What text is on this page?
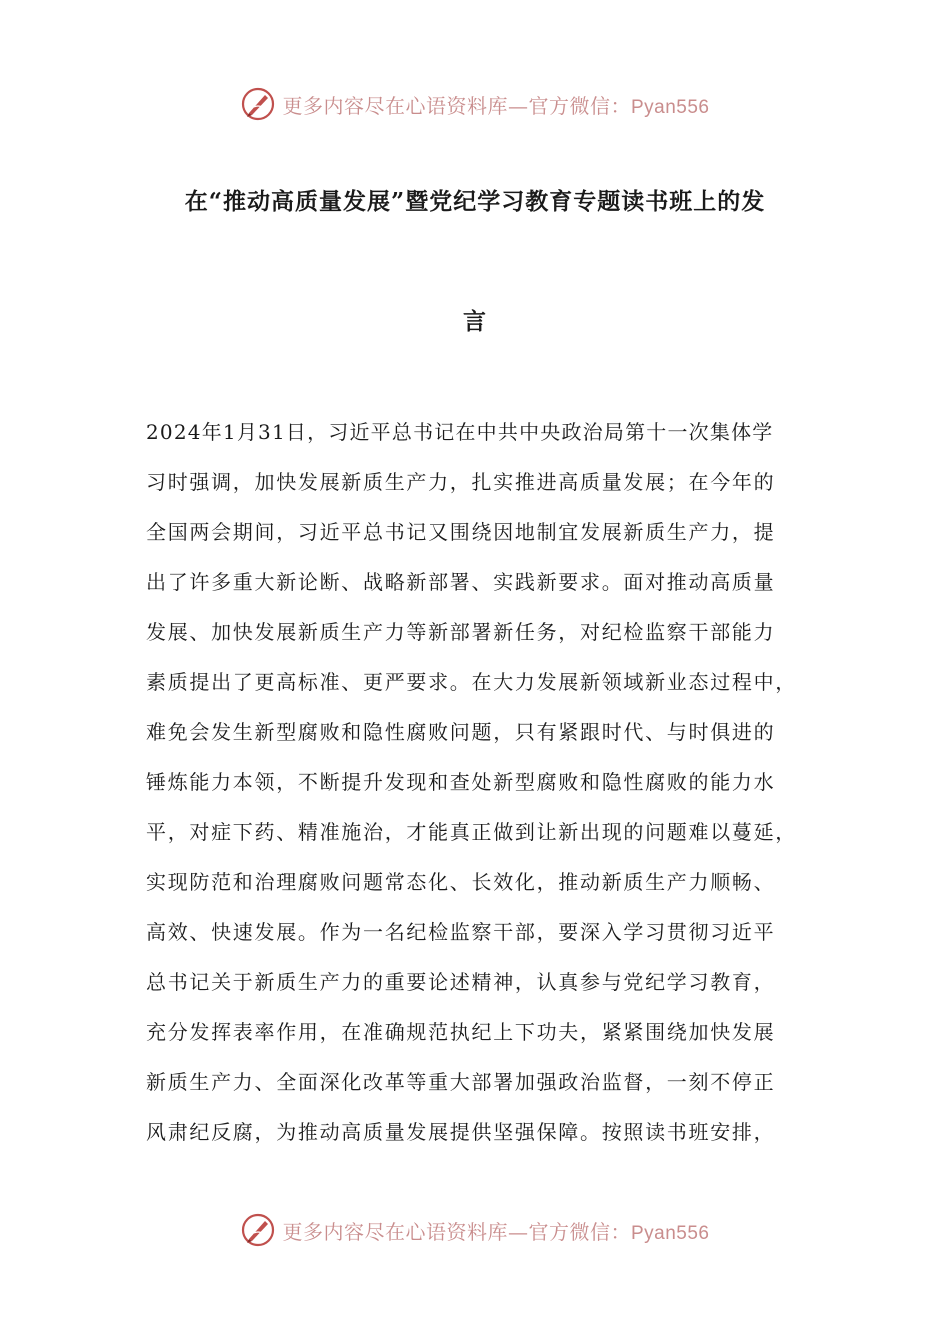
更多内容尽在心语资料库—官方微信：Pyan556
在“推动高质量发展”暨党纪学习教育专题读书班上的发
言
2024年1月31日，习近平总书记在中共中央政治局第十一次集体学
习时强调，加快发展新质生产力，扎实推进高质量发展；在今年的
全国两会期间，习近平总书记又围绕因地制宜发展新质生产力，提
出了许多重大新论断、战略新部署、实践新要求。面对推动高质量
发展、加快发展新质生产力等新部署新任务，对纪检监察干部能力
素质提出了更高标准、更严要求。在大力发展新领域新业态过程中，
难免会发生新型腐败和隐性腐败问题，只有紧跟时代、与时俱进的
锤炼能力本领，不断提升发现和查处新型腐败和隐性腐败的能力水
平，对症下药、精准施治，才能真正做到让新出现的问题难以蔓延，
实现防范和治理腐败问题常态化、长效化，推动新质生产力顺畅、
高效、快速发展。作为一名纪检监察干部，要深入学习贯彻习近平
总书记关于新质生产力的重要论述精神，认真参与党纪学习教育，
充分发挥表率作用，在准确规范执纪上下功夫，紧紧围绕加快发展
新质生产力、全面深化改革等重大部署加强政治监督，一刻不停正
风肃纪反腐，为推动高质量发展提供坚强保障。按照读书班安排，
更多内容尽在心语资料库—官方微信：Pyan556
